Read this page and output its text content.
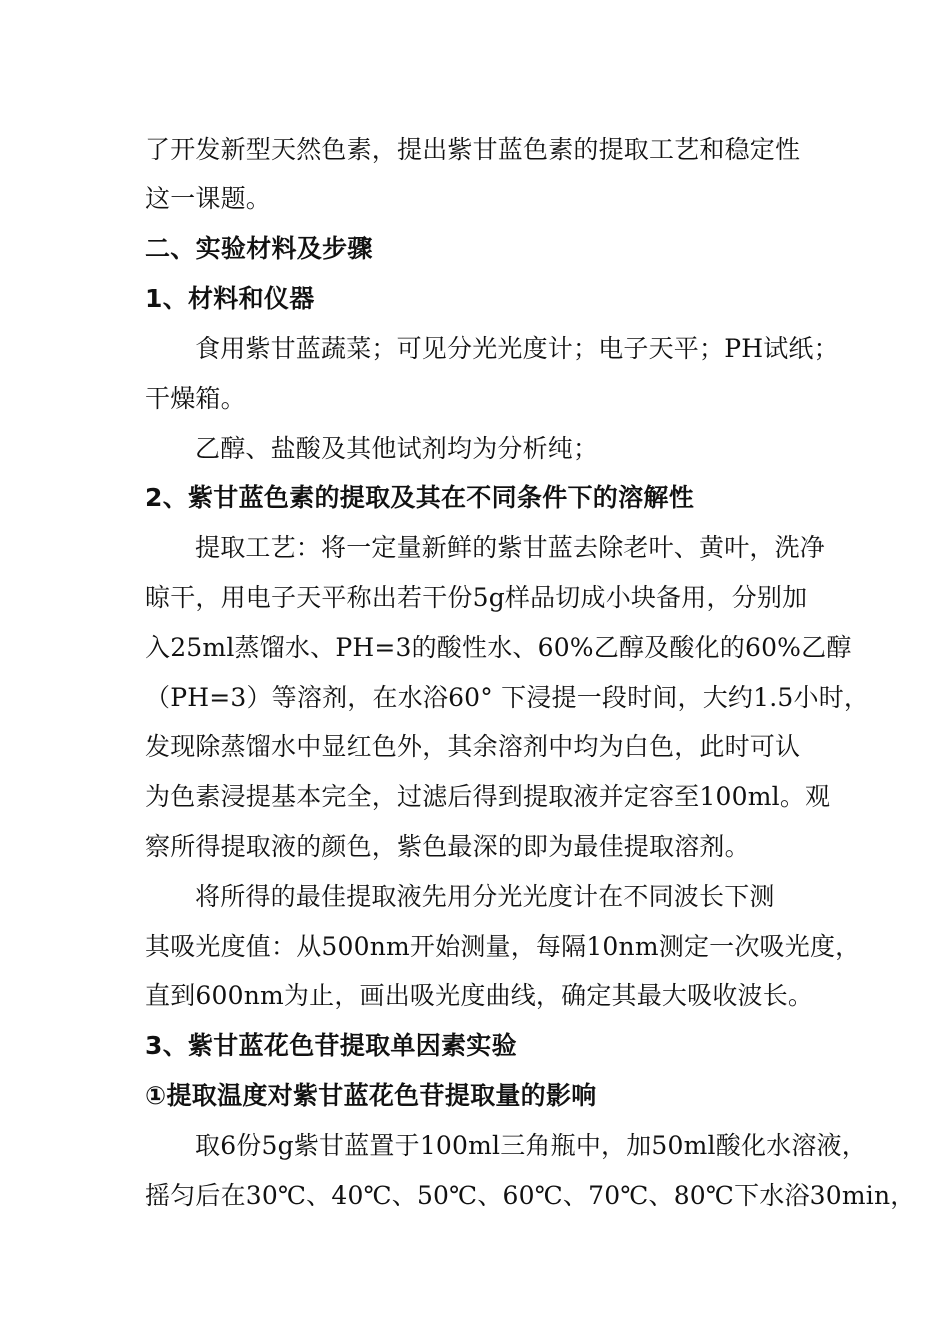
了开发新型天然色素，提出紫甘蓝色素的提取工艺和稳定性
这一课题。
二、实验材料及步骤
1、材料和仪器
食用紫甘蓝蔬菜；可见分光光度计；电子天平；PH试纸；
干燥箱。
乙醇、盐酸及其他试剂均为分析纯；
2、紫甘蓝色素的提取及其在不同条件下的溶解性
提取工艺：将一定量新鲜的紫甘蓝去除老叶、黄叶，洗净
晾干，用电子天平称出若干份5g样品切成小块备用，分别加
入25ml蒸馏水、PH=3的酸性水、60%乙醇及酸化的60%乙醇
（PH=3）等溶剂，在水浴60° 下浸提一段时间，大约1.5小时，
发现除蒸馏水中显红色外，其余溶剂中均为白色，此时可认
为色素浸提基本完全，过滤后得到提取液并定容至100ml。观
察所得提取液的颜色，紫色最深的即为最佳提取溶剂。
将所得的最佳提取液先用分光光度计在不同波长下测
其吸光度值：从500nm开始测量，每隔10nm测定一次吸光度，
直到600nm为止，画出吸光度曲线，确定其最大吸收波长。
3、紫甘蓝花色苷提取单因素实验
①提取温度对紫甘蓝花色苷提取量的影响
取6份5g紫甘蓝置于100ml三角瓶中，加50ml酸化水溶液，
摇匀后在30℃、40℃、50℃、60℃、70℃、80℃下水浴30min，
